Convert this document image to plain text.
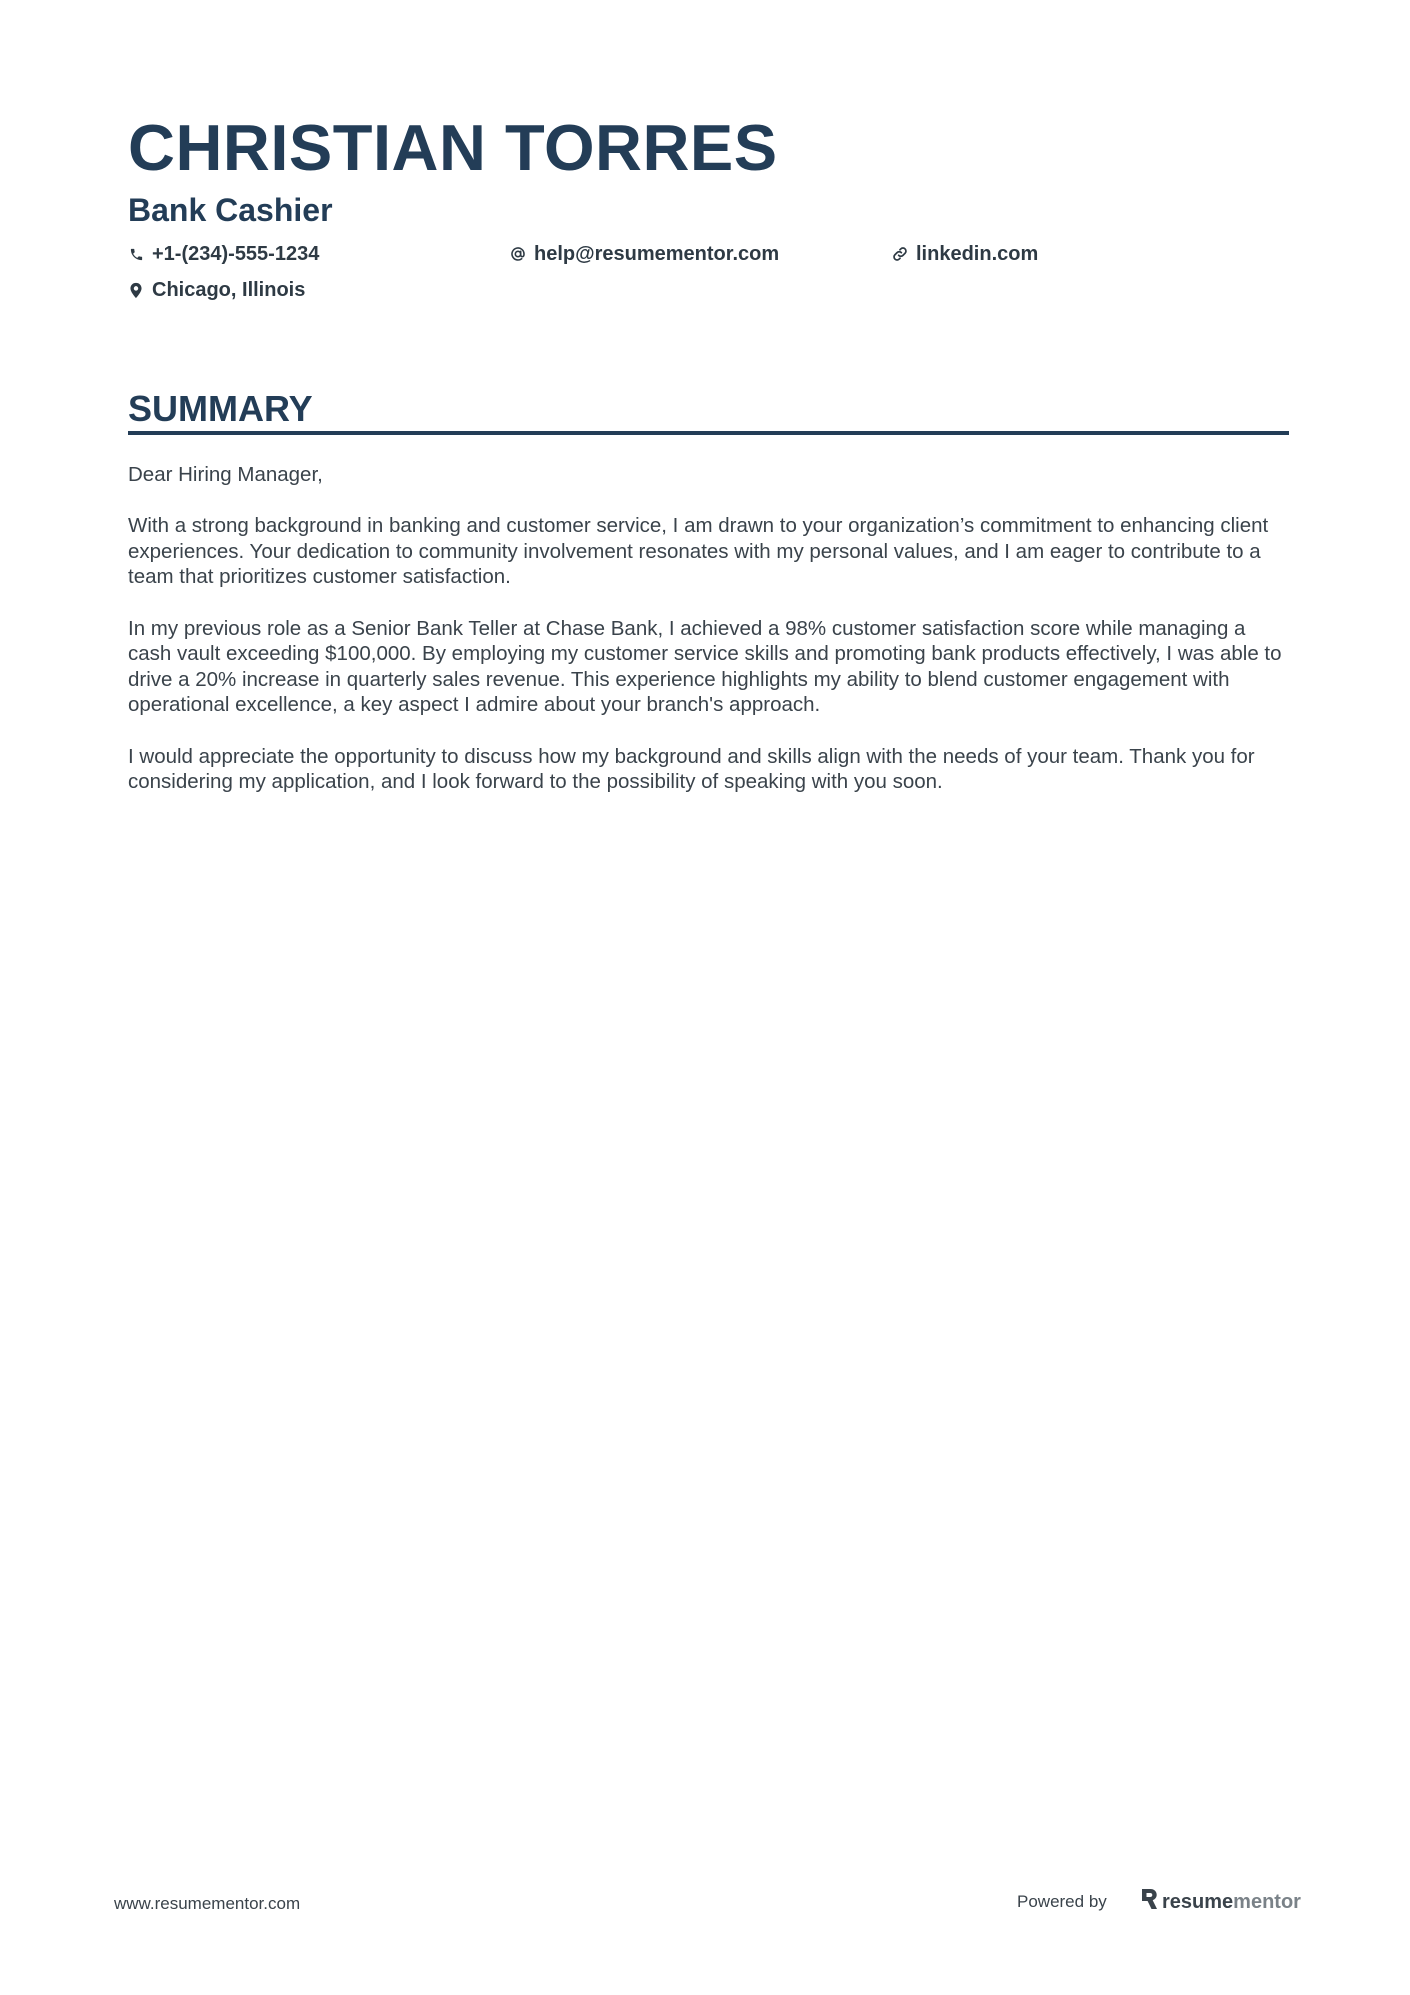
CHRISTIAN TORRES
Bank Cashier
+1-(234)-555-1234	help@resumementor.com	linkedin.com
Chicago, Illinois
SUMMARY

Dear Hiring Manager,

With a strong background in banking and customer service, I am drawn to your organization’s commitment to enhancing client experiences. Your dedication to community involvement resonates with my personal values, and I am eager to contribute to a team that prioritizes customer satisfaction.

In my previous role as a Senior Bank Teller at Chase Bank, I achieved a 98% customer satisfaction score while managing a cash vault exceeding $100,000. By employing my customer service skills and promoting bank products effectively, I was able to drive a 20% increase in quarterly sales revenue. This experience highlights my ability to blend customer engagement with operational excellence, a key aspect I admire about your branch's approach.

I would appreciate the opportunity to discuss how my background and skills align with the needs of your team. Thank you for considering my application, and I look forward to the possibility of speaking with you soon.

www.resumementor.com	Powered by	resume mentor
